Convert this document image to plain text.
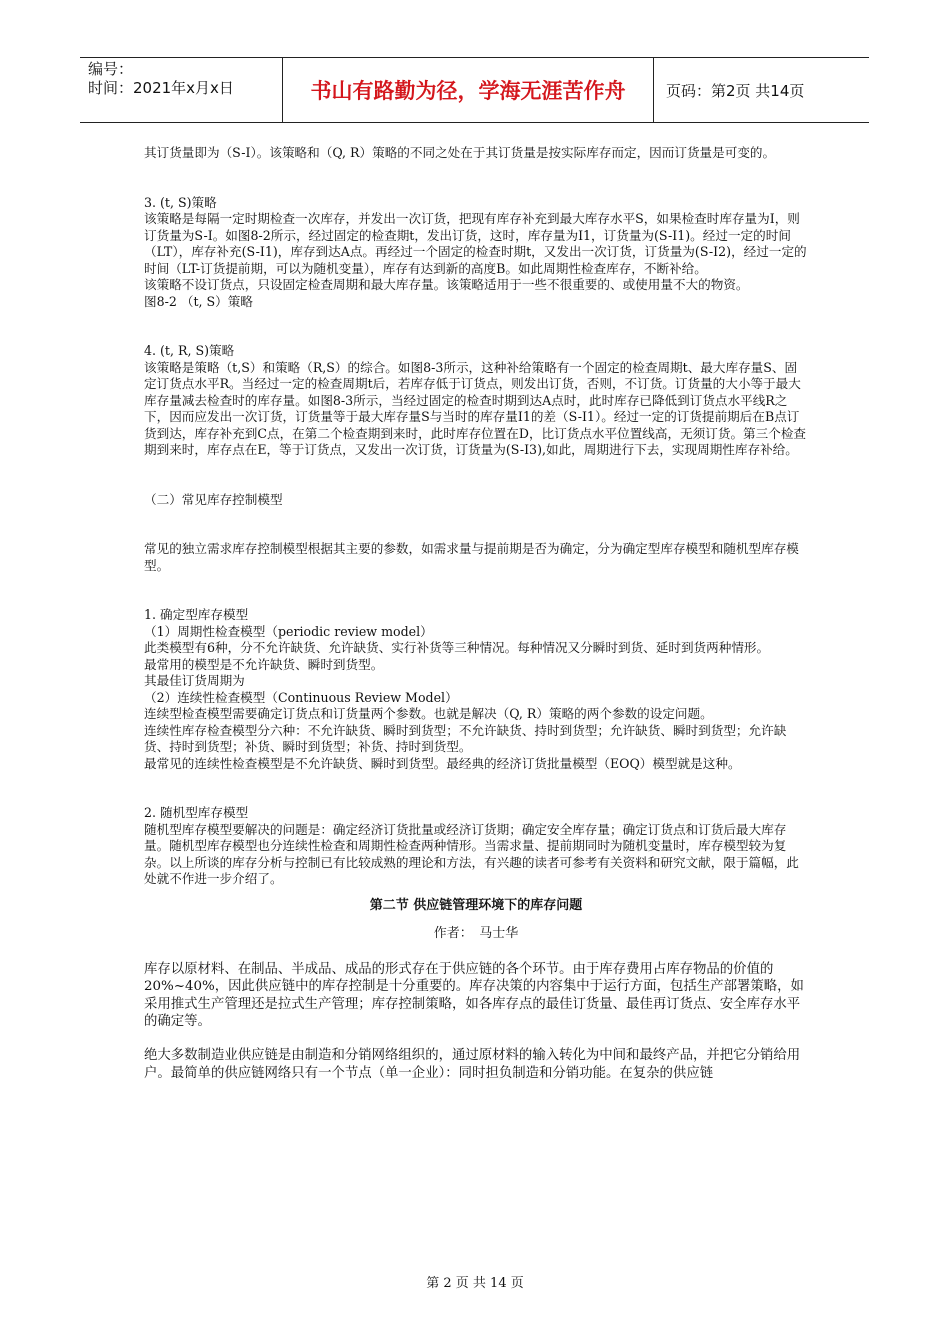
编号：
时间：2021年x月x日	书山有路勤为径，学海无涯苦作舟	页码：第2页 共14页

其订货量即为（S-I）。该策略和（Q, R）策略的不同之处在于其订货量是按实际库存而定，因而订货量是可变的。

3. (t, S)策略

该策略是每隔一定时期检查一次库存，并发出一次订货，把现有库存补充到最大库存水平S，如果检查时库存量为I，则订货量为S-I。如图8-2所示，经过固定的检查期t，发出订货，这时，库存量为I1，订货量为(S-I1)。经过一定的时间（LT），库存补充(S-I1)，库存到达A点。再经过一个固定的检查时期t，又发出一次订货，订货量为(S-I2)，经过一定的时间（LT-订货提前期，可以为随机变量），库存有达到新的高度B。如此周期性检查库存，不断补给。

该策略不设订货点，只设固定检查周期和最大库存量。该策略适用于一些不很重要的、或使用量不大的物资。

图8-2 （t, S）策略

4. (t, R, S)策略

该策略是策略（t,S）和策略（R,S）的综合。如图8-3所示，这种补给策略有一个固定的检查周期t、最大库存量S、固定订货点水平R。当经过一定的检查周期t后，若库存低于订货点，则发出订货，否则，不订货。订货量的大小等于最大库存量减去检查时的库存量。如图8-3所示，当经过固定的检查时期到达A点时，此时库存已降低到订货点水平线R之下，因而应发出一次订货，订货量等于最大库存量S与当时的库存量I1的差（S-I1）。经过一定的订货提前期后在B点订货到达，库存补充到C点，在第二个检查期到来时，此时库存位置在D，比订货点水平位置线高，无须订货。第三个检查期到来时，库存点在E，等于订货点，又发出一次订货，订货量为(S-I3),如此，周期进行下去，实现周期性库存补给。

（二）常见库存控制模型

常见的独立需求库存控制模型根据其主要的参数，如需求量与提前期是否为确定，分为确定型库存模型和随机型库存模型。

1. 确定型库存模型

（1）周期性检查模型（periodic review model）

此类模型有6种，分不允许缺货、允许缺货、实行补货等三种情况。每种情况又分瞬时到货、延时到货两种情形。

最常用的模型是不允许缺货、瞬时到货型。

其最佳订货周期为

（2）连续性检查模型（Continuous Review Model）

连续型检查模型需要确定订货点和订货量两个参数。也就是解决（Q, R）策略的两个参数的设定问题。

连续性库存检查模型分六种：不允许缺货、瞬时到货型；不允许缺货、持时到货型；允许缺货、瞬时到货型；允许缺货、持时到货型；补货、瞬时到货型；补货、持时到货型。

最常见的连续性检查模型是不允许缺货、瞬时到货型。最经典的经济订货批量模型（EOQ）模型就是这种。

2. 随机型库存模型

随机型库存模型要解决的问题是：确定经济订货批量或经济订货期；确定安全库存量；确定订货点和订货后最大库存量。随机型库存模型也分连续性检查和周期性检查两种情形。当需求量、提前期同时为随机变量时，库存模型较为复杂。以上所谈的库存分析与控制已有比较成熟的理论和方法，有兴趣的读者可参考有关资料和研究文献，限于篇幅，此处就不作进一步介绍了。

第二节 供应链管理环境下的库存问题
作者：　马士华

库存以原材料、在制品、半成品、成品的形式存在于供应链的各个环节。由于库存费用占库存物品的价值的20%~40%，因此供应链中的库存控制是十分重要的。库存决策的内容集中于运行方面，包括生产部署策略，如采用推式生产管理还是拉式生产管理；库存控制策略，如各库存点的最佳订货量、最佳再订货点、安全库存水平的确定等。

绝大多数制造业供应链是由制造和分销网络组织的，通过原材料的输入转化为中间和最终产品，并把它分销给用户。最简单的供应链网络只有一个节点（单一企业）：同时担负制造和分销功能。在复杂的供应链

第 2 页 共 14 页
